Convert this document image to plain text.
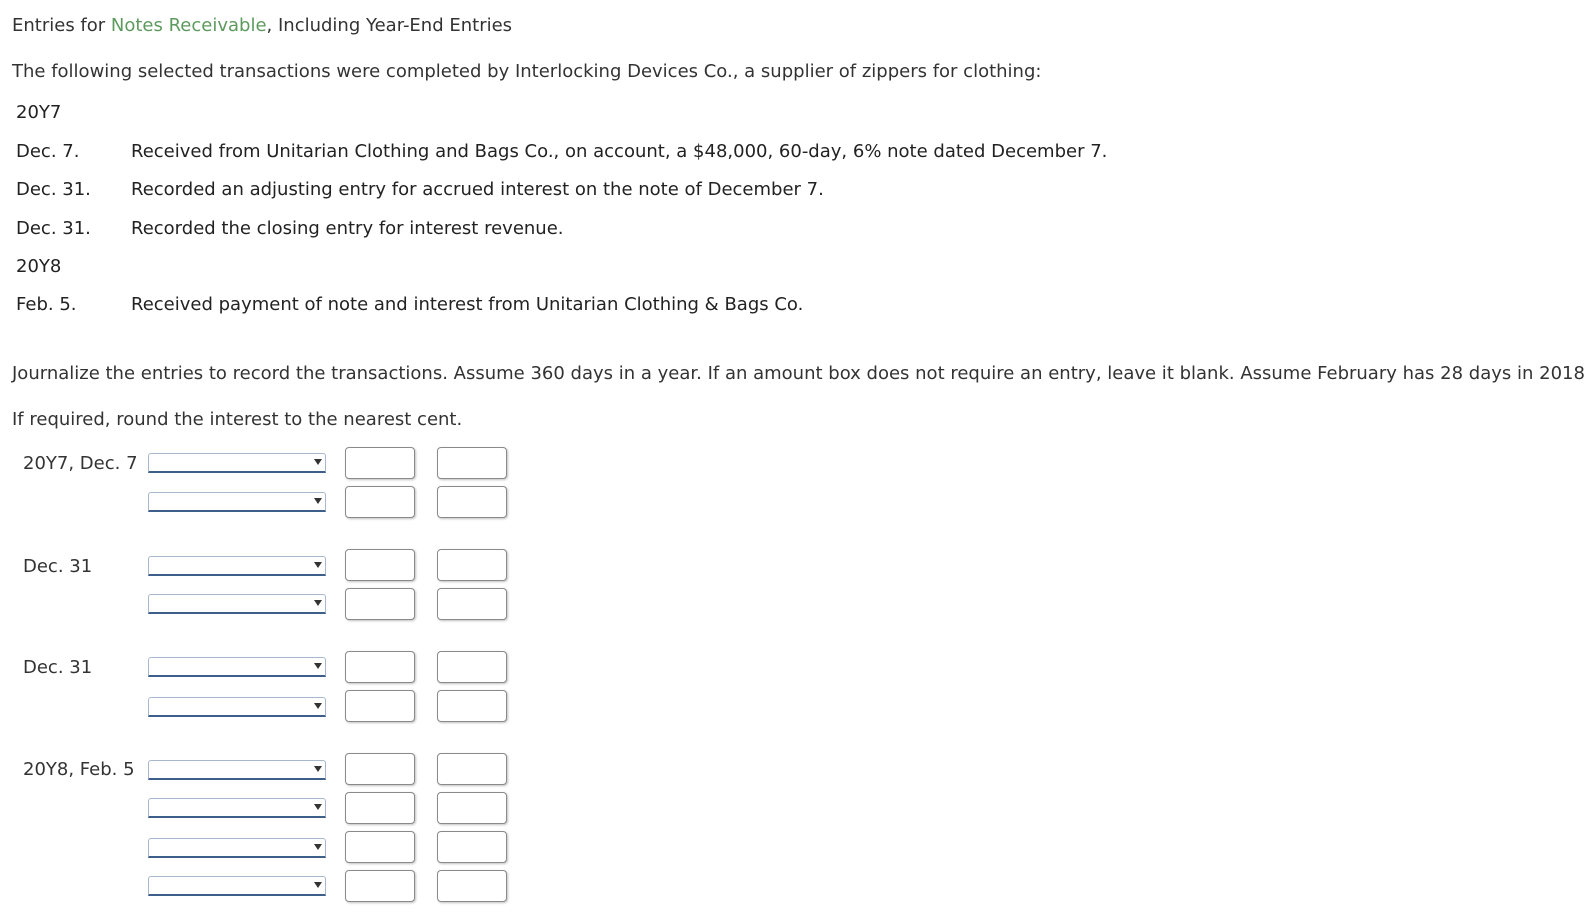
Entries for Notes Receivable, Including Year-End Entries
The following selected transactions were completed by Interlocking Devices Co., a supplier of zippers for clothing:
20Y7
Dec. 7.	Received from Unitarian Clothing and Bags Co., on account, a $48,000, 60-day, 6% note dated December 7.
Dec. 31. Recorded an adjusting entry for accrued interest on the note of December 7.
Dec. 31. Recorded the closing entry for interest revenue.
20Y8
Feb. 5.	Received payment of note and interest from Unitarian Clothing & Bags Co.
Journalize the entries to record the transactions. Assume 360 days in a year. If an amount box does not require an entry, leave it blank. Assume February has 28 days in 2018
If required, round the interest to the nearest cent.
20Y7, Dec. 7
Dec. 31
Dec. 31
20Y8, Feb. 5
